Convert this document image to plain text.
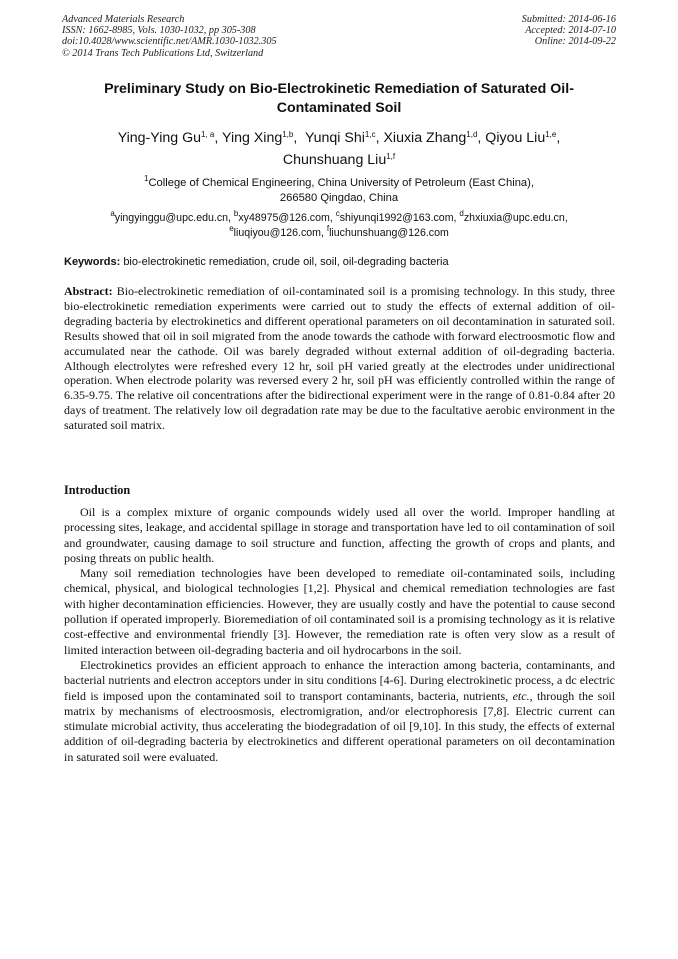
Advanced Materials Research
ISSN: 1662-8985, Vols. 1030-1032, pp 305-308
doi:10.4028/www.scientific.net/AMR.1030-1032.305
© 2014 Trans Tech Publications Ltd, Switzerland
Submitted: 2014-06-16
Accepted: 2014-07-10
Online: 2014-09-22
Preliminary Study on Bio-Electrokinetic Remediation of Saturated Oil-Contaminated Soil
Ying-Ying Gu$^{1, a}$, Ying Xing$^{1,b}$,  Yunqi Shi$^{1,c}$, Xiuxia Zhang$^{1,d}$, Qiyou Liu$^{1,e}$,
Chunshuang Liu$^{1,f}$
$^1$College of Chemical Engineering, China University of Petroleum (East China),
266580 Qingdao, China
$^a$yingyinggu@upc.edu.cn, $^b$xy48975@126.com, $^c$shiyunqi1992@163.com, $^d$zhxiuxia@upc.edu.cn,
$^e$liuqiyou@126.com, $^f$liuchunshuang@126.com
Keywords: bio-electrokinetic remediation, crude oil, soil, oil-degrading bacteria
Abstract: Bio-electrokinetic remediation of oil-contaminated soil is a promising technology. In this study, three bio-electrokinetic remediation experiments were carried out to study the effects of external addition of oil-degrading bacteria by electrokinetics and different operational parameters on oil decontamination in saturated soil. Results showed that oil in soil migrated from the anode towards the cathode with forward electroosmotic flow and accumulated near the cathode. Oil was barely degraded without external addition of oil-degrading bacteria. Although electrolytes were refreshed every 12 hr, soil pH varied greatly at the electrodes under unidirectional operation. When electrode polarity was reversed every 2 hr, soil pH was efficiently controlled within the range of 6.35-9.75. The relative oil concentrations after the bidirectional experiment were in the range of 0.81-0.84 after 20 days of treatment. The relatively low oil degradation rate may be due to the facultative aerobic environment in the saturated soil matrix.
Introduction

Oil is a complex mixture of organic compounds widely used all over the world. Improper handling at processing sites, leakage, and accidental spillage in storage and transportation have led to oil contamination of soil and groundwater, causing damage to soil structure and function, affecting the growth of crops and plants, and posing threats on public health.

Many soil remediation technologies have been developed to remediate oil-contaminated soils, including chemical, physical, and biological technologies [1,2]. Physical and chemical remediation technologies are fast with higher decontamination efficiencies. However, they are usually costly and have the potential to cause second pollution if operated improperly. Bioremediation of oil contaminated soil is a promising technology as it is relative cost-effective and environmental friendly [3]. However, the remediation rate is often very slow as a result of limited interaction between oil-degrading bacteria and oil hydrocarbons in the soil.

Electrokinetics provides an efficient approach to enhance the interaction among bacteria, contaminants, and bacterial nutrients and electron acceptors under in situ conditions [4-6]. During electrokinetic process, a dc electric field is imposed upon the contaminated soil to transport contaminants, bacteria, nutrients, etc., through the soil matrix by mechanisms of electroosmosis, electromigration, and/or electrophoresis [7,8]. Electric current can stimulate microbial activity, thus accelerating the biodegradation of oil [9,10]. In this study, the effects of external addition of oil-degrading bacteria by electrokinetics and different operational parameters on oil decontamination in saturated soil were evaluated.
